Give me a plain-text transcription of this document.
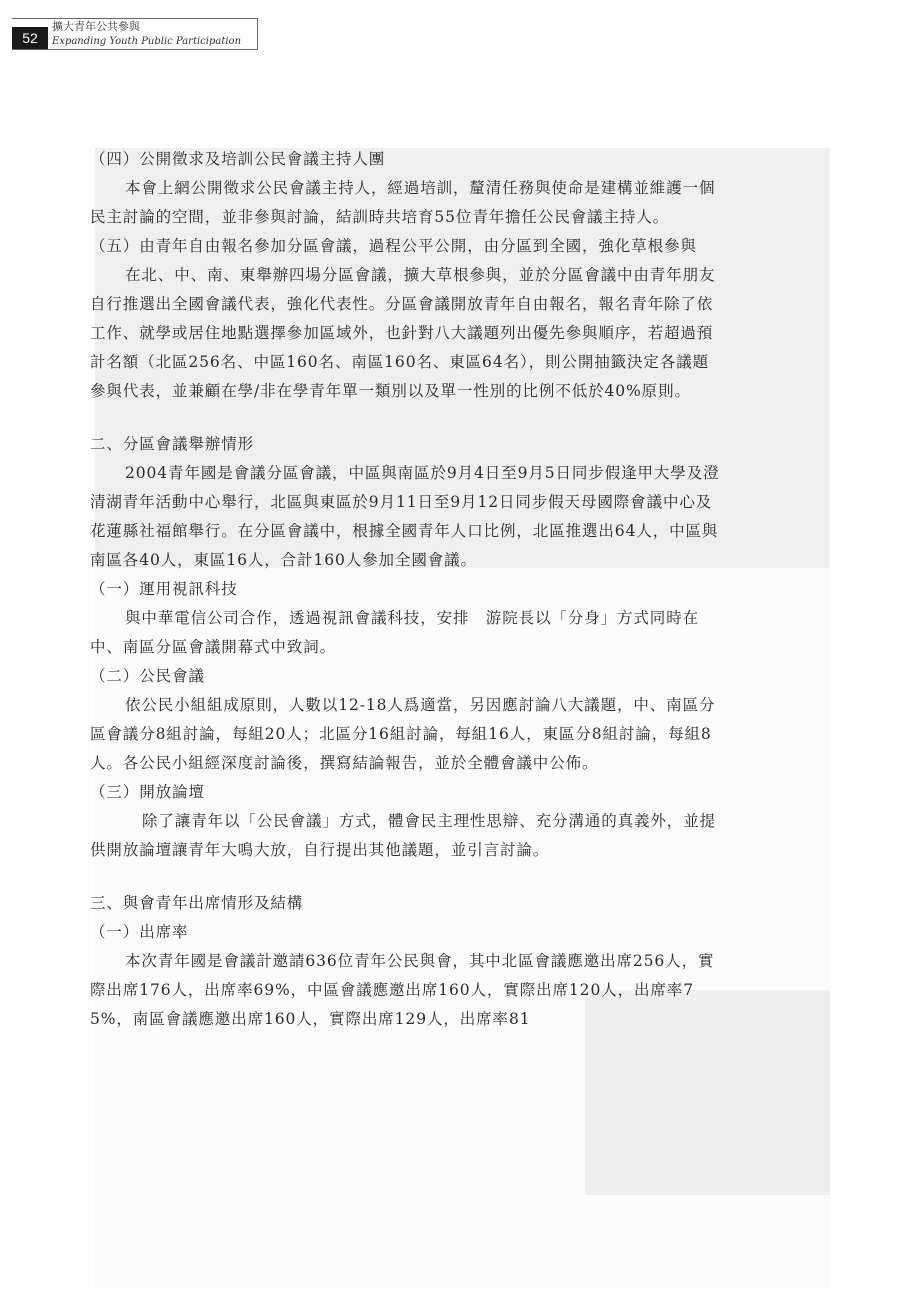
52
擴大青年公共參與
Expanding Youth Public Participation

（四）公開徵求及培訓公民會議主持人團

本會上網公開徵求公民會議主持人，經過培訓，釐清任務與使命是建構並維護一個民主討論的空間，並非參與討論，結訓時共培育55位青年擔任公民會議主持人。

（五）由青年自由報名參加分區會議，過程公平公開，由分區到全國，強化草根參與

在北、中、南、東舉辦四場分區會議，擴大草根參與，並於分區會議中由青年朋友自行推選出全國會議代表，強化代表性。分區會議開放青年自由報名，報名青年除了依工作、就學或居住地點選擇參加區域外，也針對八大議題列出優先參與順序，若超過預計名額（北區256名、中區160名、南區160名、東區64名），則公開抽籤決定各議題參與代表，並兼顧在學/非在學青年單一類別以及單一性別的比例不低於40%原則。

二、分區會議舉辦情形

2004青年國是會議分區會議，中區與南區於9月4日至9月5日同步假逢甲大學及澄清湖青年活動中心舉行，北區與東區於9月11日至9月12日同步假天母國際會議中心及花蓮縣社福館舉行。在分區會議中，根據全國青年人口比例，北區推選出64人，中區與南區各40人，東區16人，合計160人參加全國會議。

（一）運用視訊科技

與中華電信公司合作，透過視訊會議科技，安排　游院長以「分身」方式同時在中、南區分區會議開幕式中致詞。

（二）公民會議

依公民小組組成原則，人數以12-18人爲適當，另因應討論八大議題，中、南區分區會議分8組討論，每組20人；北區分16組討論，每組16人，東區分8組討論，每組8人。各公民小組經深度討論後，撰寫結論報告，並於全體會議中公佈。

（三）開放論壇

除了讓青年以「公民會議」方式，體會民主理性思辯、充分溝通的真義外，並提供開放論壇讓青年大鳴大放，自行提出其他議題，並引言討論。

三、與會青年出席情形及結構

（一）出席率

本次青年國是會議計邀請636位青年公民與會，其中北區會議應邀出席256人，實際出席176人，出席率69%，中區會議應邀出席160人，實際出席120人，出席率75%，南區會議應邀出席160人，實際出席129人，出席率81
